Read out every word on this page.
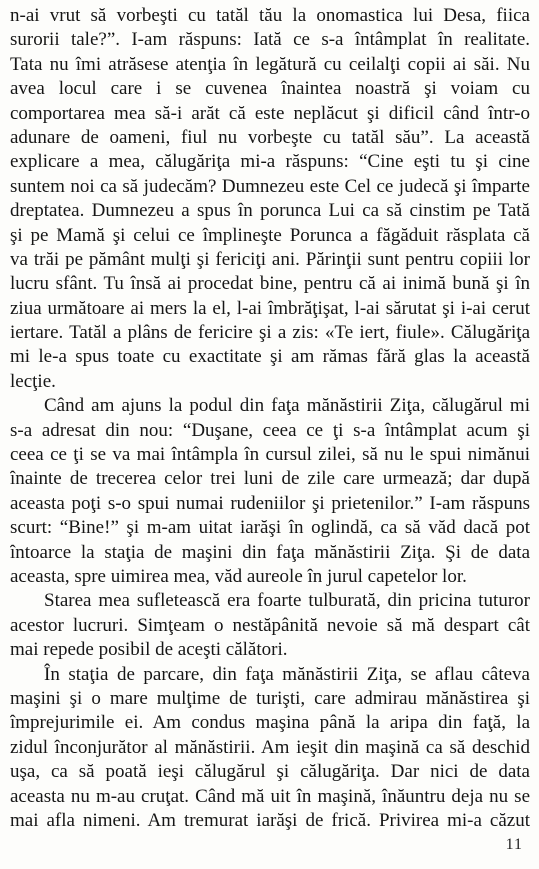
n-ai vrut să vorbeşti cu tatăl tău la onomastica lui Desa, fiica
surorii tale?”. I-am răspuns: Iată ce s-a întâmplat în realitate.
Tata nu îmi atrăsese atenţia în legătură cu ceilalţi copii ai săi. Nu
avea locul care i se cuvenea înaintea noastră şi voiam cu
comportarea mea să-i arăt că este neplăcut şi dificil când într-o
adunare de oameni, fiul nu vorbeşte cu tatăl său”. La această
explicare a mea, călugăriţa mi-a răspuns: “Cine eşti tu şi cine
suntem noi ca să judecăm? Dumnezeu este Cel ce judecă şi împarte
dreptatea. Dumnezeu a spus în porunca Lui ca să cinstim pe Tată
şi pe Mamă şi celui ce împlineşte Porunca a făgăduit răsplata că
va trăi pe pământ mulţi şi fericiţi ani. Părinţii sunt pentru copiii lor
lucru sfânt. Tu însă ai procedat bine, pentru că ai inimă bună şi în
ziua următoare ai mers la el, l-ai îmbrăţişat, l-ai sărutat şi i-ai cerut
iertare. Tatăl a plâns de fericire şi a zis: «Te iert, fiule». Călugăriţa
mi le-a spus toate cu exactitate şi am rămas fără glas la această
lecţie.
Când am ajuns la podul din faţa mănăstirii Ziţa, călugărul mi
s-a adresat din nou: “Duşane, ceea ce ţi s-a întâmplat acum şi
ceea ce ţi se va mai întâmpla în cursul zilei, să nu le spui nimănui
înainte de trecerea celor trei luni de zile care urmează; dar după
aceasta poţi s-o spui numai rudeniilor şi prietenilor.” I-am răspuns
scurt: “Bine!” şi m-am uitat iarăşi în oglindă, ca să văd dacă pot
întoarce la staţia de maşini din faţa mănăstirii Ziţa. Şi de data
aceasta, spre uimirea mea, văd aureole în jurul capetelor lor.
Starea mea sufletească era foarte tulburată, din pricina tuturor
acestor lucruri. Simţeam o nestăpânită nevoie să mă despart cât
mai repede posibil de aceşti călători.
În staţia de parcare, din faţa mănăstirii Ziţa, se aflau câteva
maşini şi o mare mulţime de turişti, care admirau mănăstirea şi
împrejurimile ei. Am condus maşina până la aripa din faţă, la
zidul înconjurător al mănăstirii. Am ieşit din maşină ca să deschid
uşa, ca să poată ieşi călugărul şi călugăriţa. Dar nici de data
aceasta nu m-au cruţat. Când mă uit în maşină, înăuntru deja nu se
mai afla nimeni. Am tremurat iarăşi de frică. Privirea mi-a căzut
11
